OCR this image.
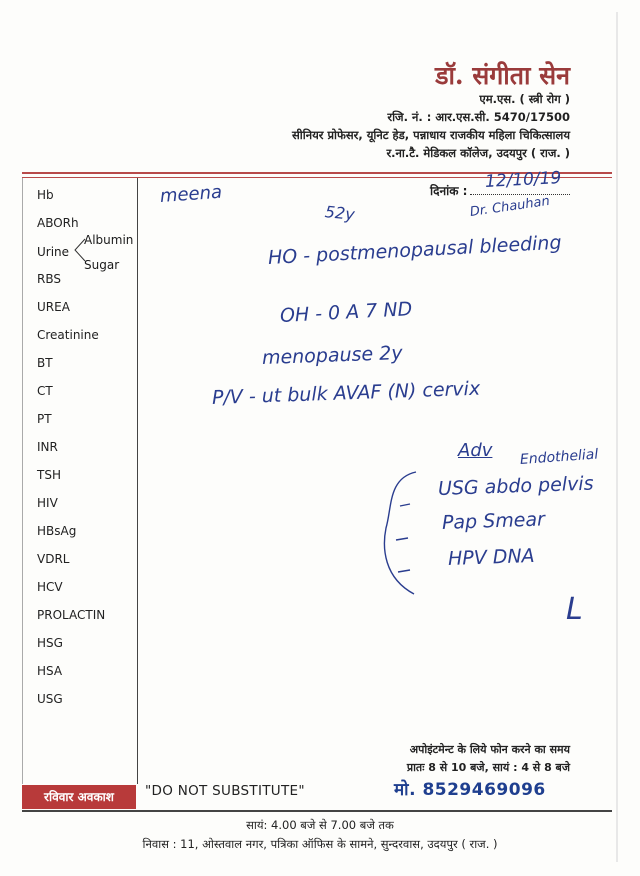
डॉ. संगीता सेन
एम.एस. ( स्त्री रोग )
रजि. नं. : आर.एस.सी. 5470/17500
सीनियर प्रोफेसर, यूनिट हेड, पन्नाधाय राजकीय महिला चिकित्सालय
र.ना.टै. मेडिकल कॉलेज, उदयपुर ( राज. )
Hb
ABORh
Urine
Albumin
Sugar
RBS
UREA
Creatinine
BT
CT
PT
INR
TSH
HIV
HBsAg
VDRL
HCV
PROLACTIN
HSG
HSA
USG
दिनांक : 12/10/19
meena
52y	Dr. Chauhan
HO - postmenopausal bleeding
OH - 0 A 7 ND
menopause 2y
P/V - ut bulk AVAF (N) cervix
Adv Endothelial
USG abdo pelvis
Pap Smear
HPV DNA
L
अपोइंटमेन्ट के लिये फोन करने का समय
प्रातः 8 से 10 बजे, सायं : 4 से 8 बजे
मो. 8529469096
रविवार अवकाश	"DO NOT SUBSTITUTE"
सायं: 4.00 बजे से 7.00 बजे तक
निवास : 11, ओस्तवाल नगर, पत्रिका ऑफिस के सामने, सुन्दरवास, उदयपुर ( राज. )
